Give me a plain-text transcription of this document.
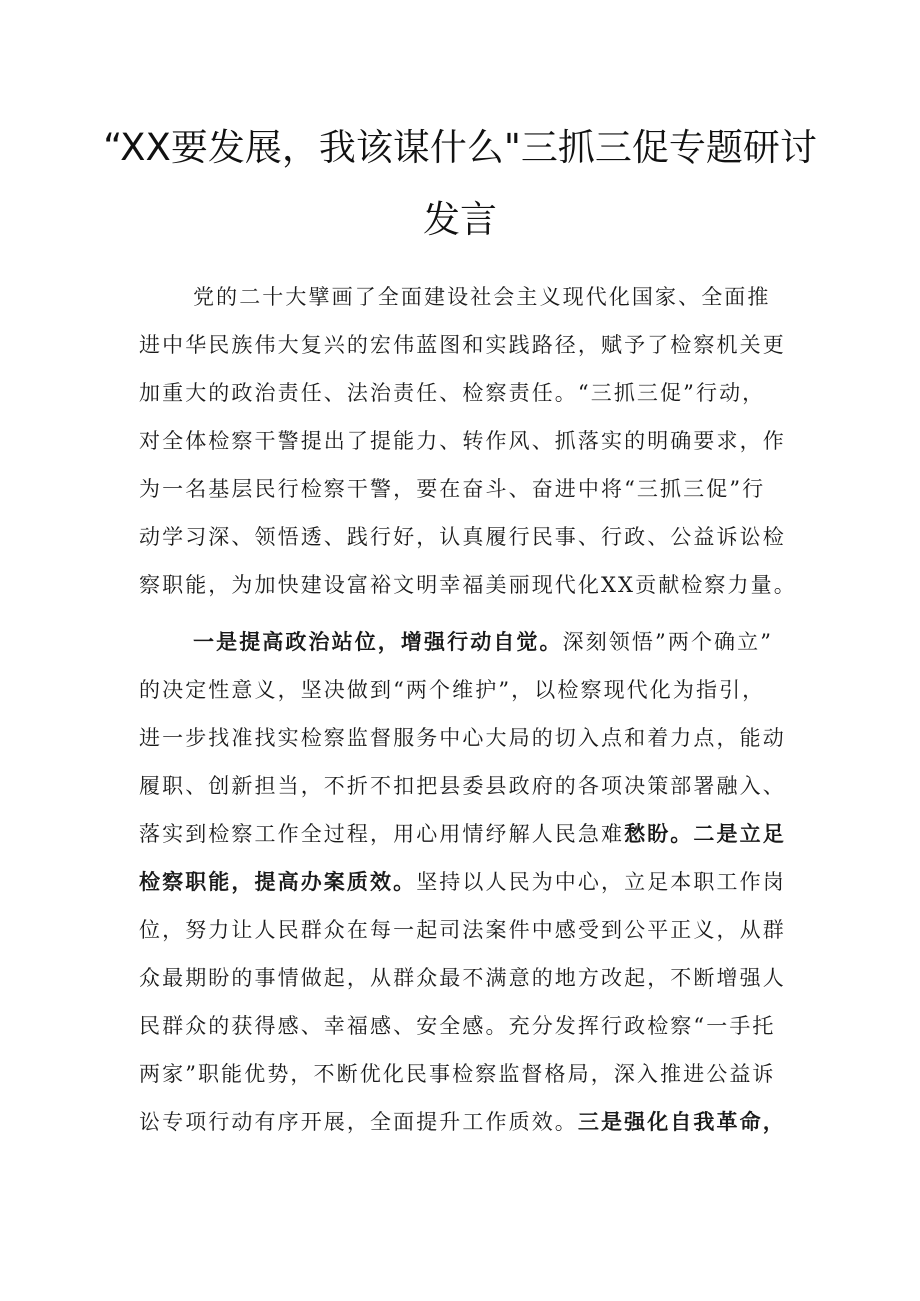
“XX要发展，我该谋什么"三抓三促专题研讨
发言
党的二十大擘画了全面建设社会主义现代化国家、全面推
进中华民族伟大复兴的宏伟蓝图和实践路径，赋予了检察机关更
加重大的政治责任、法治责任、检察责任。“三抓三促”行动，
对全体检察干警提出了提能力、转作风、抓落实的明确要求，作
为一名基层民行检察干警，要在奋斗、奋进中将“三抓三促”行
动学习深、领悟透、践行好，认真履行民事、行政、公益诉讼检
察职能，为加快建设富裕文明幸福美丽现代化XX贡献检察力量。
一是提高政治站位，增强行动自觉。深刻领悟”两个确立”
的决定性意义，坚决做到“两个维护”，以检察现代化为指引，
进一步找准找实检察监督服务中心大局的切入点和着力点，能动
履职、创新担当，不折不扣把县委县政府的各项决策部署融入、
落实到检察工作全过程，用心用情纾解人民急难愁盼。二是立足
检察职能，提高办案质效。坚持以人民为中心，立足本职工作岗
位，努力让人民群众在每一起司法案件中感受到公平正义，从群
众最期盼的事情做起，从群众最不满意的地方改起，不断增强人
民群众的获得感、幸福感、安全感。充分发挥行政检察“一手托
两家”职能优势，不断优化民事检察监督格局，深入推进公益诉
讼专项行动有序开展，全面提升工作质效。三是强化自我革命，
